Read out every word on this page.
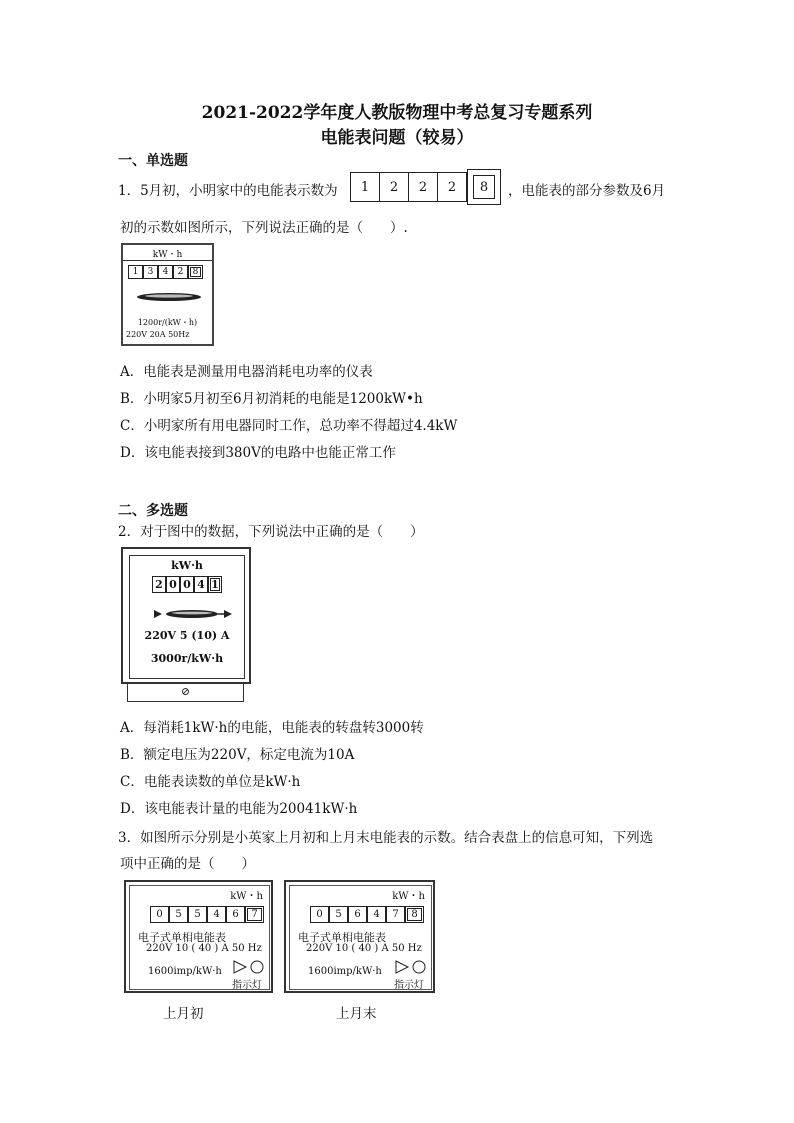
2021-2022学年度人教版物理中考总复习专题系列
电能表问题（较易）
一、单选题
1．5月初，小明家中的电能表示数为	1	2	2	2	8	，电能表的部分参数及6月
初的示数如图所示，下列说法正确的是（　　）.
kW・h
1	3	4	2	8
1200r/(kW・h)
220V 20A 50Hz
A．电能表是测量用电器消耗电功率的仪表
B．小明家5月初至6月初消耗的电能是1200kW•h
C．小明家所有用电器同时工作，总功率不得超过4.4kW
D．该电能表接到380V的电路中也能正常工作
二、多选题
2．对于图中的数据，下列说法中正确的是（　　）
kW·h
2 0 0 4 1
220V 5 (10) A
3000r/kW·h
⊘
A．每消耗1kW·h的电能，电能表的转盘转3000转
B．额定电压为220V，标定电流为10A
C．电能表读数的单位是kW·h
D．该电能表计量的电能为20041kW·h
3．如图所示分别是小英家上月初和上月末电能表的示数。结合表盘上的信息可知，下列选
项中正确的是（　　）
kW・h
0	5	5	4	6	7
电子式单相电能表
220V 10 ( 40 ) A 50 Hz
1600imp/kW·h
指示灯
上月初
kW・h
0	5	6	4	7	8
电子式单相电能表
220V 10 ( 40 ) A 50 Hz
1600imp/kW·h
指示灯
上月末
